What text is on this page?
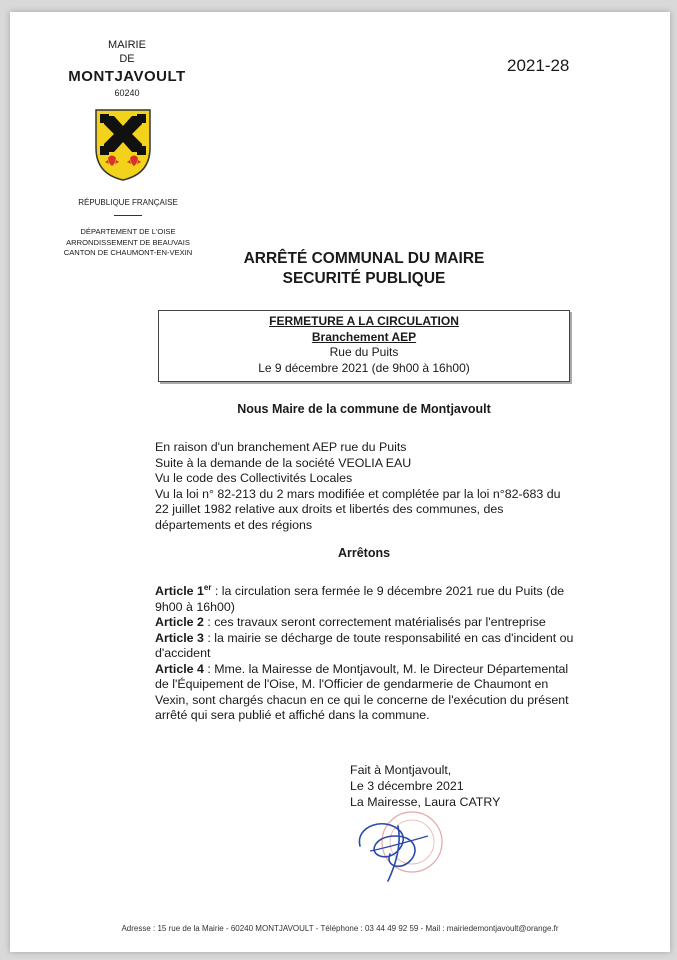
MAIRIE
DE
MONTJAVOULT
60240
RÉPUBLIQUE FRANÇAISE
DÉPARTEMENT DE L'OISE
ARRONDISSEMENT DE BEAUVAIS
CANTON DE CHAUMONT-EN-VEXIN
2021-28
ARRÊTÉ COMMUNAL DU MAIRE
SECURITÉ PUBLIQUE
FERMETURE A LA CIRCULATION
Branchement AEP
Rue du Puits
Le 9 décembre 2021 (de 9h00 à 16h00)
Nous Maire de la commune de Montjavoult

En raison d'un branchement AEP rue du Puits

Suite à la demande de la société VEOLIA EAU

Vu le code des Collectivités Locales

Vu la loi n° 82-213 du 2 mars modifiée et complétée par la loi n°82-683 du 22 juillet 1982 relative aux droits et libertés des communes, des départements et des régions

Arrêtons

Article 1er : la circulation sera fermée le 9 décembre 2021 rue du Puits (de 9h00 à 16h00)

Article 2 : ces travaux seront correctement matérialisés par l'entreprise

Article 3 : la mairie se décharge de toute responsabilité en cas d'incident ou d'accident

Article 4 : Mme. la Mairesse de Montjavoult, M. le Directeur Départemental de l'Équipement de l'Oise, M. l'Officier de gendarmerie de Chaumont en Vexin, sont chargés chacun en ce qui le concerne de l'exécution du présent arrêté qui sera publié et affiché dans la commune.

Fait à Montjavoult,
Le 3 décembre 2021
La Mairesse, Laura CATRY
Adresse : 15 rue de la Mairie - 60240 MONTJAVOULT - Téléphone : 03 44 49 92 59 - Mail : mairiedemontjavoult@orange.fr
